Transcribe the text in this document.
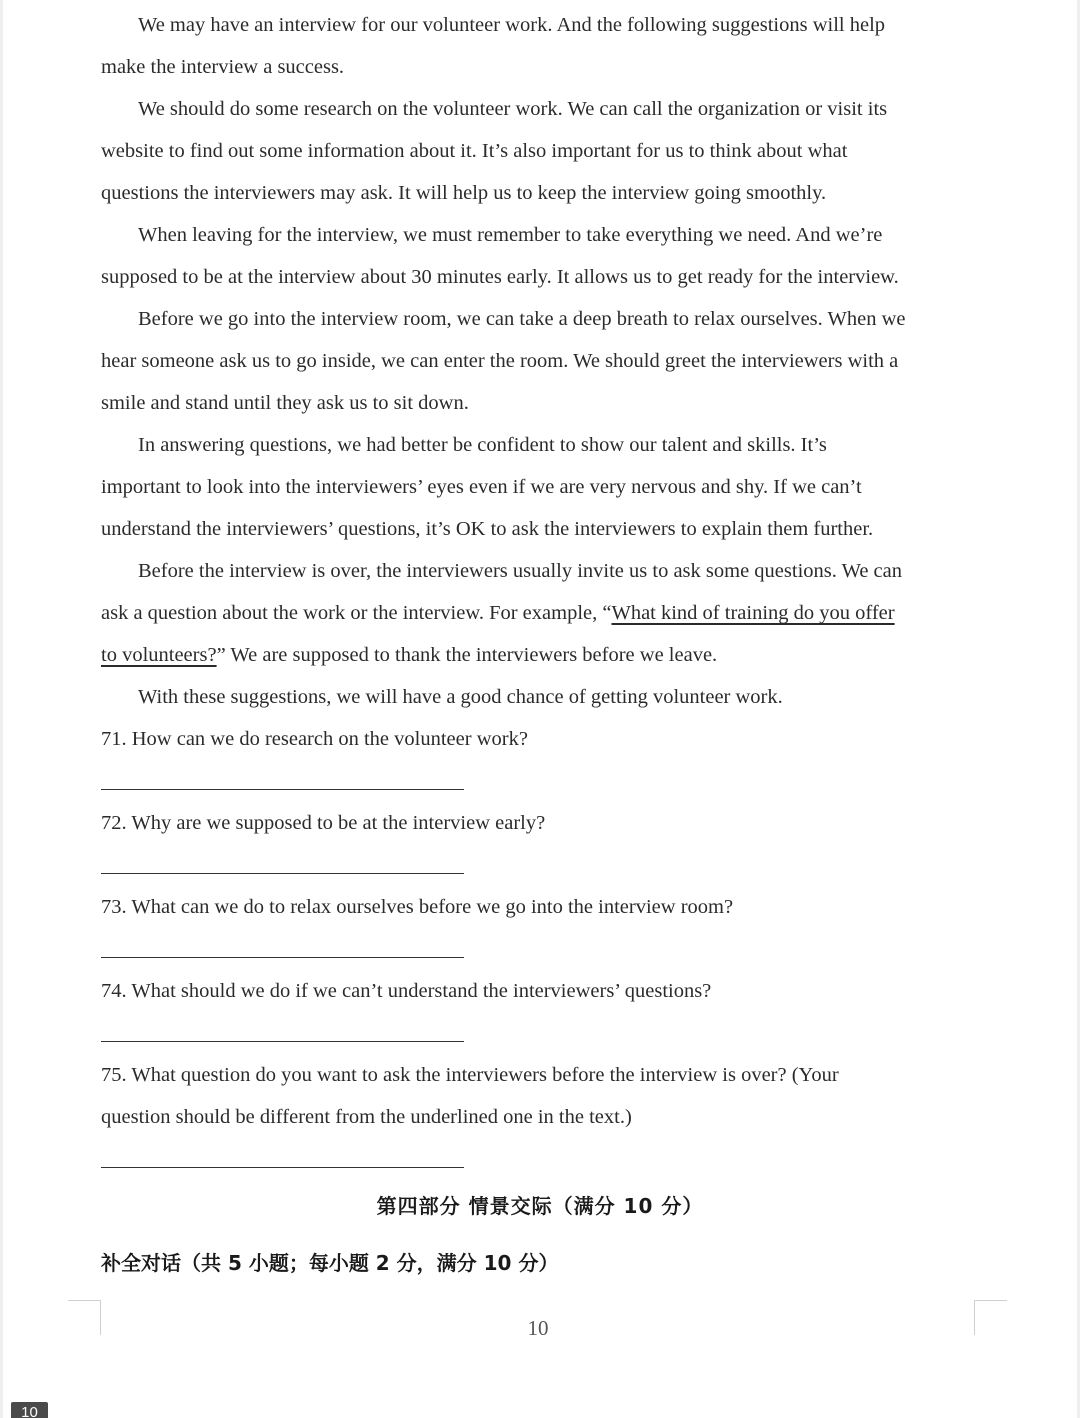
We may have an interview for our volunteer work. And the following suggestions will help
make the interview a success.
We should do some research on the volunteer work. We can call the organization or visit its
website to find out some information about it. It’s also important for us to think about what
questions the interviewers may ask. It will help us to keep the interview going smoothly.
When leaving for the interview, we must remember to take everything we need. And we’re
supposed to be at the interview about 30 minutes early. It allows us to get ready for the interview.
Before we go into the interview room, we can take a deep breath to relax ourselves. When we
hear someone ask us to go inside, we can enter the room. We should greet the interviewers with a
smile and stand until they ask us to sit down.
In answering questions, we had better be confident to show our talent and skills. It’s
important to look into the interviewers’ eyes even if we are very nervous and shy. If we can’t
understand the interviewers’ questions, it’s OK to ask the interviewers to explain them further.
Before the interview is over, the interviewers usually invite us to ask some questions. We can
ask a question about the work or the interview. For example, “What kind of training do you offer
to volunteers?” We are supposed to thank the interviewers before we leave.
With these suggestions, we will have a good chance of getting volunteer work.
71. How can we do research on the volunteer work?
72. Why are we supposed to be at the interview early?
73. What can we do to relax ourselves before we go into the interview room?
74. What should we do if we can’t understand the interviewers’ questions?
75. What question do you want to ask the interviewers before the interview is over? (Your
question should be different from the underlined one in the text.)
第四部分 情景交际（满分 10 分）
补全对话（共 5 小题；每小题 2 分，满分 10 分）
10
10
